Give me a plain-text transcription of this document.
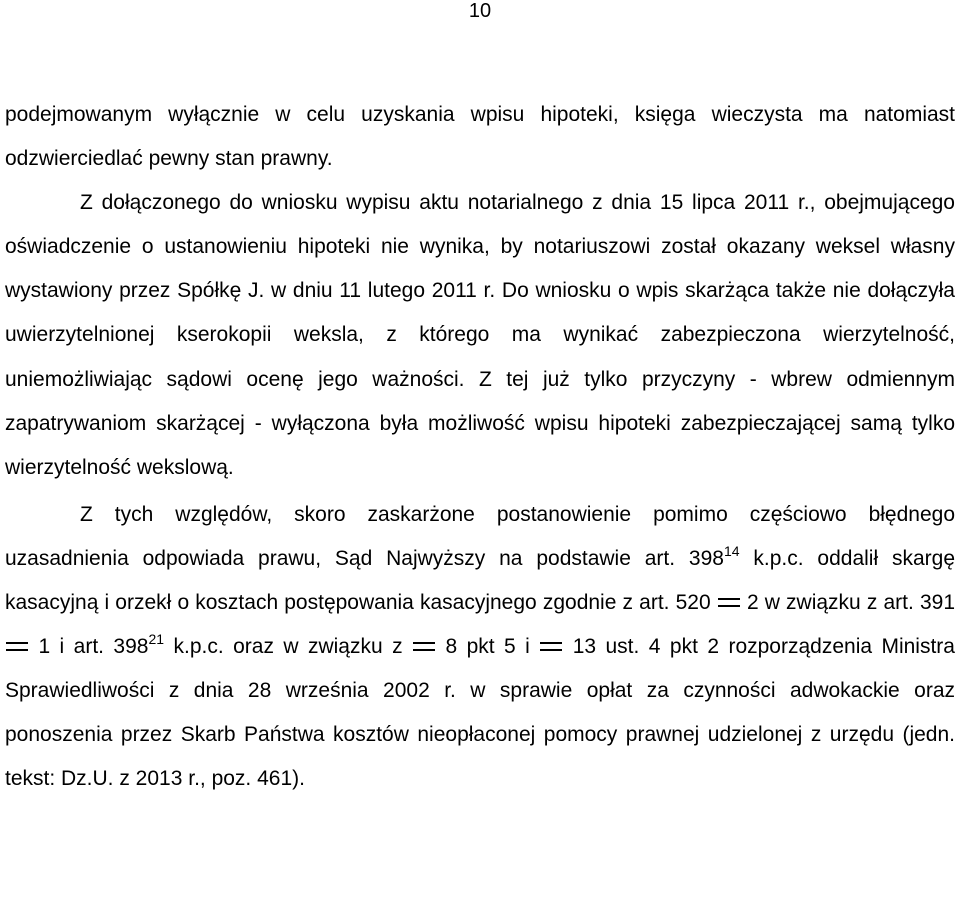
10

podejmowanym wyłącznie w celu uzyskania wpisu hipoteki, księga wieczysta ma natomiast odzwierciedlać pewny stan prawny.

Z dołączonego do wniosku wypisu aktu notarialnego z dnia 15 lipca 2011 r., obejmującego oświadczenie o ustanowieniu hipoteki nie wynika, by notariuszowi został okazany weksel własny wystawiony przez Spółkę J. w dniu 11 lutego 2011 r. Do wniosku o wpis skarżąca także nie dołączyła uwierzytelnionej kserokopii weksla, z którego ma wynikać zabezpieczona wierzytelność, uniemożliwiając sądowi ocenę jego ważności. Z tej już tylko przyczyny - wbrew odmiennym zapatrywaniom skarżącej - wyłączona była możliwość wpisu hipoteki zabezpieczającej samą tylko wierzytelność wekslową.

Z tych względów, skoro zaskarżone postanowienie pomimo częściowo błędnego uzasadnienia odpowiada prawu, Sąd Najwyższy na podstawie art. $398^{14}$ k.p.c. oddalił skargę kasacyjną i orzekł o kosztach postępowania kasacyjnego zgodnie z art. 520 2 w związku z art. 391  1 i art. $398^{21}$ k.p.c. oraz w związku z 8 pkt 5 i 13 ust. 4 pkt 2 rozporządzenia Ministra Sprawiedliwości z dnia 28 września 2002 r. w sprawie opłat za czynności adwokackie oraz ponoszenia przez Skarb Państwa kosztów nieopłaconej pomocy prawnej udzielonej z urzędu (jedn. tekst: Dz.U. z 2013 r., poz. 461).
